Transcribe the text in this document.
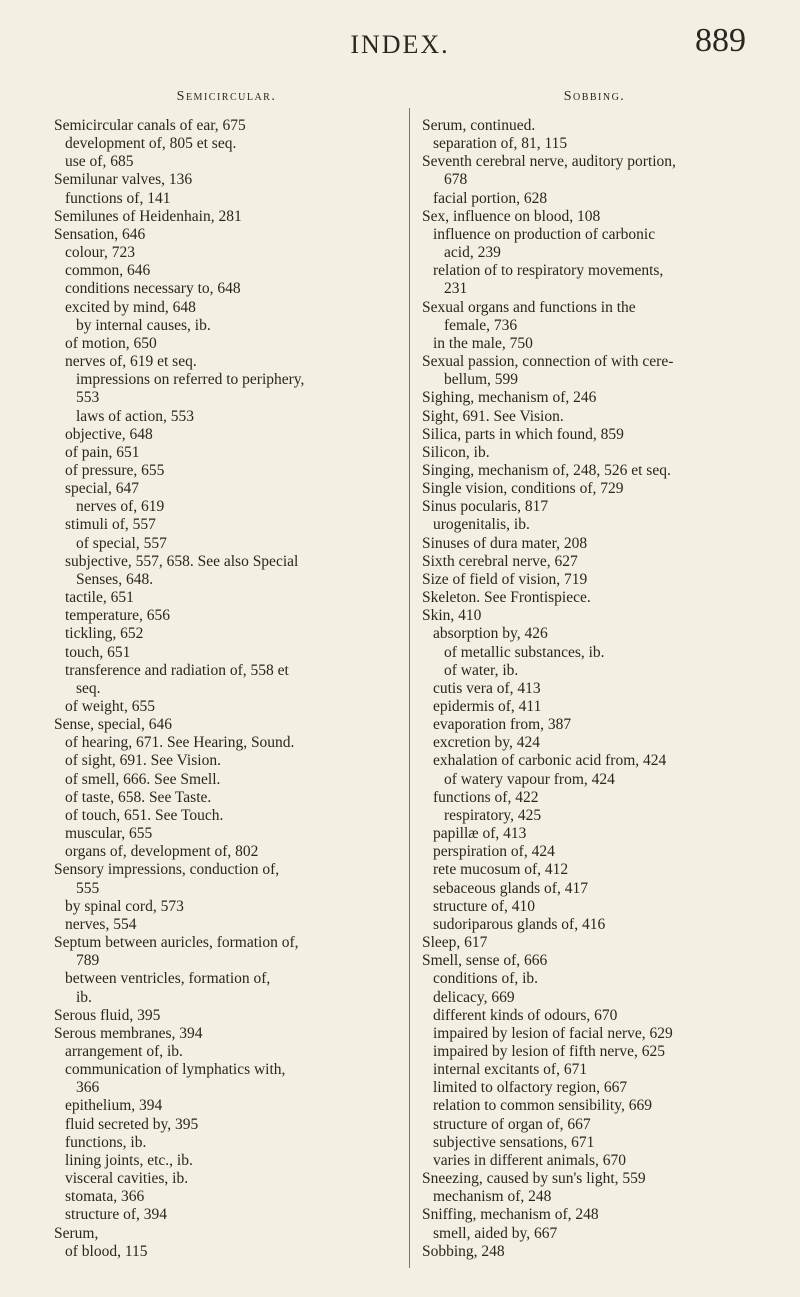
INDEX.	889
Semicircular.
Semicircular canals of ear, 675
development of, 805 et seq.
use of, 685
Semilunar valves, 136
functions of, 141
Semilunes of Heidenhain, 281
Sensation, 646
colour, 723
common, 646
conditions necessary to, 648
excited by mind, 648
by internal causes, ib.
of motion, 650
nerves of, 619 et seq.
impressions on referred to periphery,
553
laws of action, 553
objective, 648
of pain, 651
of pressure, 655
special, 647
nerves of, 619
stimuli of, 557
of special, 557
subjective, 557, 658. See also Special
Senses, 648.
tactile, 651
temperature, 656
tickling, 652
touch, 651
transference and radiation of, 558 et
seq.
of weight, 655
Sense, special, 646
of hearing, 671. See Hearing, Sound.
of sight, 691. See Vision.
of smell, 666. See Smell.
of taste, 658. See Taste.
of touch, 651. See Touch.
muscular, 655
organs of, development of, 802
Sensory impressions, conduction of,
555
by spinal cord, 573
nerves, 554
Septum between auricles, formation of,
789
between ventricles, formation of,
ib.
Serous fluid, 395
Serous membranes, 394
arrangement of, ib.
communication of lymphatics with,
366
epithelium, 394
fluid secreted by, 395
functions, ib.
lining joints, etc., ib.
visceral cavities, ib.
stomata, 366
structure of, 394
Serum,
of blood, 115
Sobbing.
Serum, continued.
separation of, 81, 115
Seventh cerebral nerve, auditory portion,
678
facial portion, 628
Sex, influence on blood, 108
influence on production of carbonic
acid, 239
relation of to respiratory movements,
231
Sexual organs and functions in the
female, 736
in the male, 750
Sexual passion, connection of with cere-
bellum, 599
Sighing, mechanism of, 246
Sight, 691. See Vision.
Silica, parts in which found, 859
Silicon, ib.
Singing, mechanism of, 248, 526 et seq.
Single vision, conditions of, 729
Sinus pocularis, 817
urogenitalis, ib.
Sinuses of dura mater, 208
Sixth cerebral nerve, 627
Size of field of vision, 719
Skeleton. See Frontispiece.
Skin, 410
absorption by, 426
of metallic substances, ib.
of water, ib.
cutis vera of, 413
epidermis of, 411
evaporation from, 387
excretion by, 424
exhalation of carbonic acid from, 424
of watery vapour from, 424
functions of, 422
respiratory, 425
papillæ of, 413
perspiration of, 424
rete mucosum of, 412
sebaceous glands of, 417
structure of, 410
sudoriparous glands of, 416
Sleep, 617
Smell, sense of, 666
conditions of, ib.
delicacy, 669
different kinds of odours, 670
impaired by lesion of facial nerve, 629
impaired by lesion of fifth nerve, 625
internal excitants of, 671
limited to olfactory region, 667
relation to common sensibility, 669
structure of organ of, 667
subjective sensations, 671
varies in different animals, 670
Sneezing, caused by sun's light, 559
mechanism of, 248
Sniffing, mechanism of, 248
smell, aided by, 667
Sobbing, 248
